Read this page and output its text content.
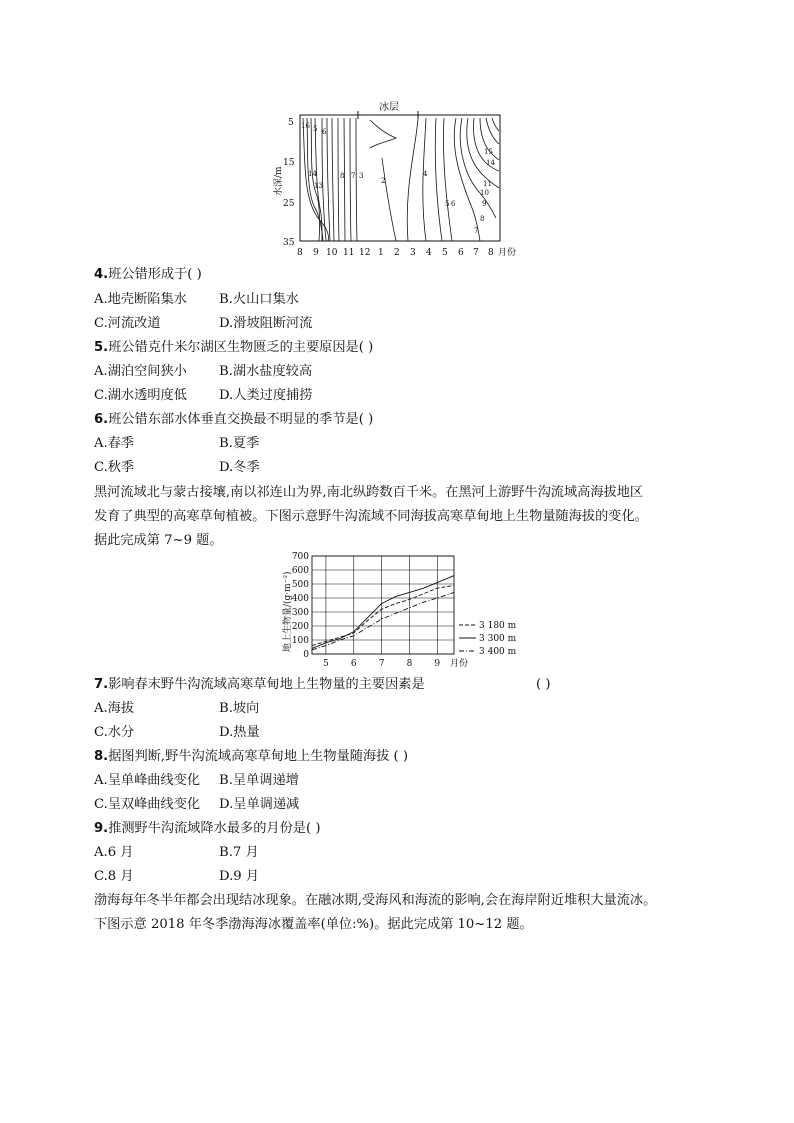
冰层
水深/m
5
15
25
35
16 5 6
14
13
8 7 3
2
4
5 6
11
10
9
8
7
14
15
8 9 10 11 12 1 2 3 4 5 6 7 8 月份
4.班公错形成于( )
A.地壳断陷集水 B.火山口集水
C.河流改道	D.滑坡阻断河流
5.班公错克什米尔湖区生物匮乏的主要原因是( )
A.湖泊空间狭小 B.湖水盐度较高
C.湖水透明度低 D.人类过度捕捞
6.班公错东部水体垂直交换最不明显的季节是( )
A.春季	B.夏季
C.秋季	D.冬季
黑河流域北与蒙古接壤,南以祁连山为界,南北纵跨数百千米。在黑河上游野牛沟流域高海拔地区
发育了典型的高寒草甸植被。下图示意野牛沟流域不同海拔高寒草甸地上生物量随海拔的变化。
据此完成第 7~9 题。
地上生物量/(g·m⁻²)
0
100
200
300
400
500
600
700
5 6 7 8 9
3 180 m
3 300 m
3 400 m
月份
7.影响春末野牛沟流域高寒草甸地上生物量的主要因素是	( )
A.海拔	B.坡向
C.水分	D.热量
8.据图判断,野牛沟流域高寒草甸地上生物量随海拔 ( )
A.呈单峰曲线变化 B.呈单调递增
C.呈双峰曲线变化 D.呈单调递减
9.推测野牛沟流域降水最多的月份是( )
A.6 月	B.7 月
C.8 月	D.9 月
渤海每年冬半年都会出现结冰现象。在融冰期,受海风和海流的影响,会在海岸附近堆积大量流冰。
下图示意 2018 年冬季渤海海冰覆盖率(单位:%)。据此完成第 10~12 题。
